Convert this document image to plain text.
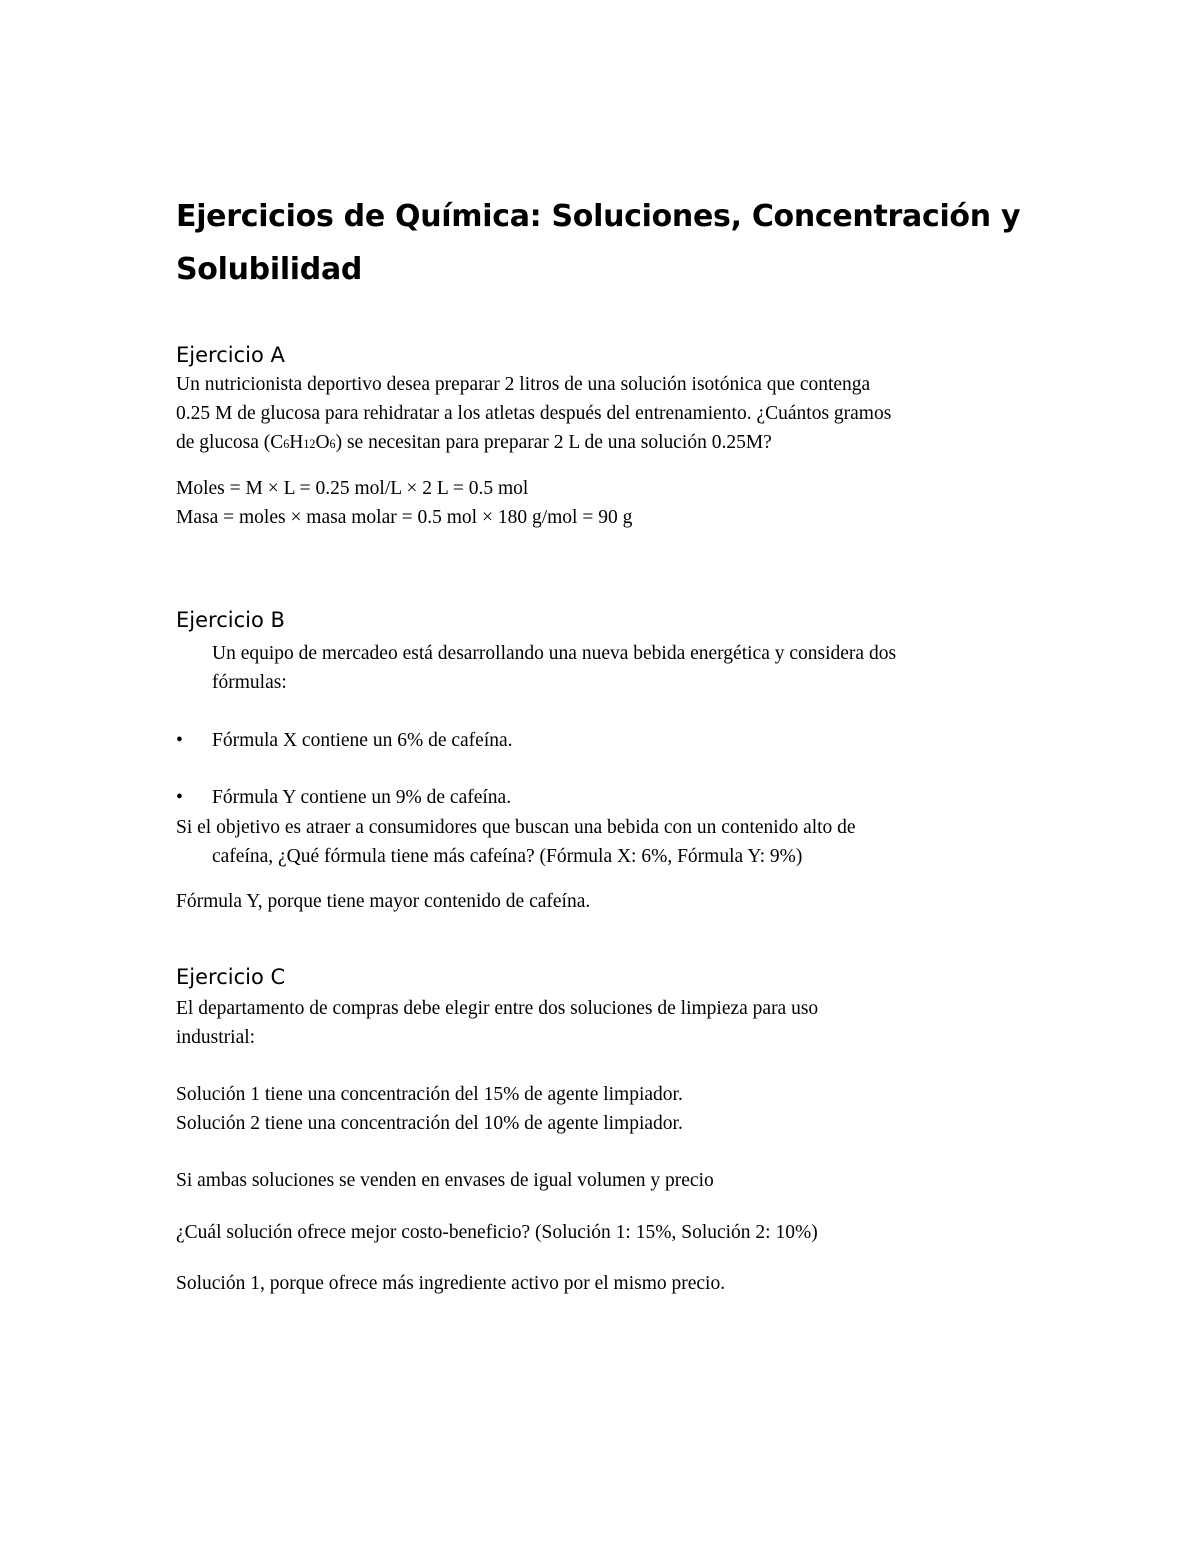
Ejercicios de Química: Soluciones, Concentración y
Solubilidad
Ejercicio A

Un nutricionista deportivo desea preparar 2 litros de una solución isotónica que contenga
0.25 M de glucosa para rehidratar a los atletas después del entrenamiento. ¿Cuántos gramos
de glucosa (C6H12O6) se necesitan para preparar 2 L de una solución 0.25M?

Moles = M × L = 0.25 mol/L × 2 L = 0.5 mol
Masa = moles × masa molar = 0.5 mol × 180 g/mol = 90 g

Ejercicio B

Un equipo de mercadeo está desarrollando una nueva bebida energética y considera dos
fórmulas:

• Fórmula X contiene un 6% de cafeína.

• Fórmula Y contiene un 9% de cafeína.

Si el objetivo es atraer a consumidores que buscan una bebida con un contenido alto de
cafeína, ¿Qué fórmula tiene más cafeína? (Fórmula X: 6%, Fórmula Y: 9%)

Fórmula Y, porque tiene mayor contenido de cafeína.

Ejercicio C

El departamento de compras debe elegir entre dos soluciones de limpieza para uso
industrial:

Solución 1 tiene una concentración del 15% de agente limpiador.
Solución 2 tiene una concentración del 10% de agente limpiador.

Si ambas soluciones se venden en envases de igual volumen y precio

¿Cuál solución ofrece mejor costo-beneficio? (Solución 1: 15%, Solución 2: 10%)

Solución 1, porque ofrece más ingrediente activo por el mismo precio.
